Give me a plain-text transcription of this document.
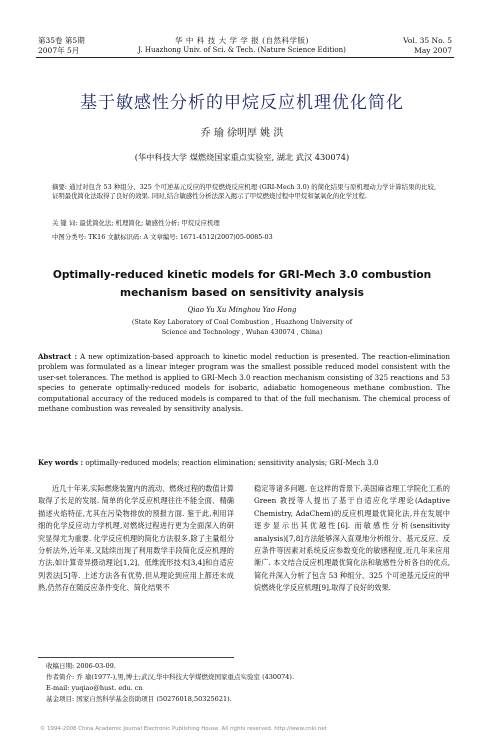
第35卷 第5期
2007年 5月
华 中 科 技 大 学 学 报 (自然科学版)
J. Huazhong Univ. of Sci. & Tech. (Nature Science Edition)
Vol. 35 No. 5
May 2007
基于敏感性分析的甲烷反应机理优化简化
乔 瑜 徐明厚 姚 洪
(华中科技大学 煤燃烧国家重点实验室, 湖北 武汉 430074)
摘要: 通过对包含 53 种组分、325 个可逆基元反应的甲烷燃烧反应机理 (GRI-Mech 3.0) 的简化结果与原机理动力学计算结果的比较,证明最优简化法取得了良好的效果. 同时,结合敏感性分析法深入揭示了甲烷燃烧过程中甲烷和氯氧化的化学过程.
关 键 词: 最优简化法; 机理简化; 敏感性分析; 甲烷反应机理
中图分类号: TK16 文献标识码: A 文章编号: 1671-4512(2007)05-0085-03
Optimally-reduced kinetic models for GRI-Mech 3.0 combustion
mechanism based on sensitivity analysis
Qiao Yu Xu Minghou Yao Hong
(State Key Laboratory of Coal Combustion , Huazhong University of
Science and Technology , Wuhan 430074 , China)
Abstract : A new optimization-based approach to kinetic model reduction is presented. The reaction-elimination problem was formulated as a linear integer program was the smallest possible reduced model consistent with the user-set tolerances. The method is applied to GRI-Mech 3.0 reaction mechanism consisting of 325 reactions and 53 species to generate optimally-reduced models for isobaric, adiabatic homogeneous methane combustion. The computational accuracy of the reduced models is compared to that of the full mechanism. The chemical process of methane combustion was revealed by sensitivity analysis.
Key words : optimally-reduced models; reaction elimination; sensitivity analysis; GRI-Mech 3.0
近几十年来,实际燃烧装置内的流动、燃烧过程的数值计算取得了长足的发展. 简单的化学反应机理往往不能全面、精确描述火焰特征,尤其在污染物排放的预报方面. 鉴于此,利用详细的化学反应动力学机理,对燃烧过程进行更为全面深入的研究显得尤为重要. 化学反应机理的简化方法很多,除了主量组分分析法外,近年来,又陆续出现了利用数学手段简化反应机理的方法,如计算奇异摄动理论[1,2]、低维流形技术[3,4]和自适应列表法[5]等. 上述方法各有优势,但从理论到应用上都还未成熟,仍然存在随反应条件变化、简化结果不
稳定等诸多问题. 在这样的背景下,美国麻省理工学院化工系的 Green 教授等人提出了基于自适应化学理论(Adaptive Chemistry, AdaChem)的反应机理最优简化法,并在发展中逐步显示出其优越性[6]. 而敏感性分析(sensitivity analysis)[7,8]方法能够深入直观地分析组分、基元反应、反应条件等因素对系统反应参数变化的敏感程度,近几年来应用渐广. 本文结合反应机理最优简化法和敏感性分析各自的优点,简化并深入分析了包含 53 种组分、325 个可逆基元反应的甲烷燃烧化学反应机理[9],取得了良好的效果.
收稿日期: 2006-03-09.
作者简介: 乔 瑜(1977-),男,博士;武汉,华中科技大学煤燃烧国家重点实验室 (430074).
E-mail: yuqiao@hust. edu. cn
基金项目: 国家自然科学基金资助项目 (50276018,50325621).
© 1994-2008 China Academic Journal Electronic Publishing House. All rights reserved. http://www.cnki.net
